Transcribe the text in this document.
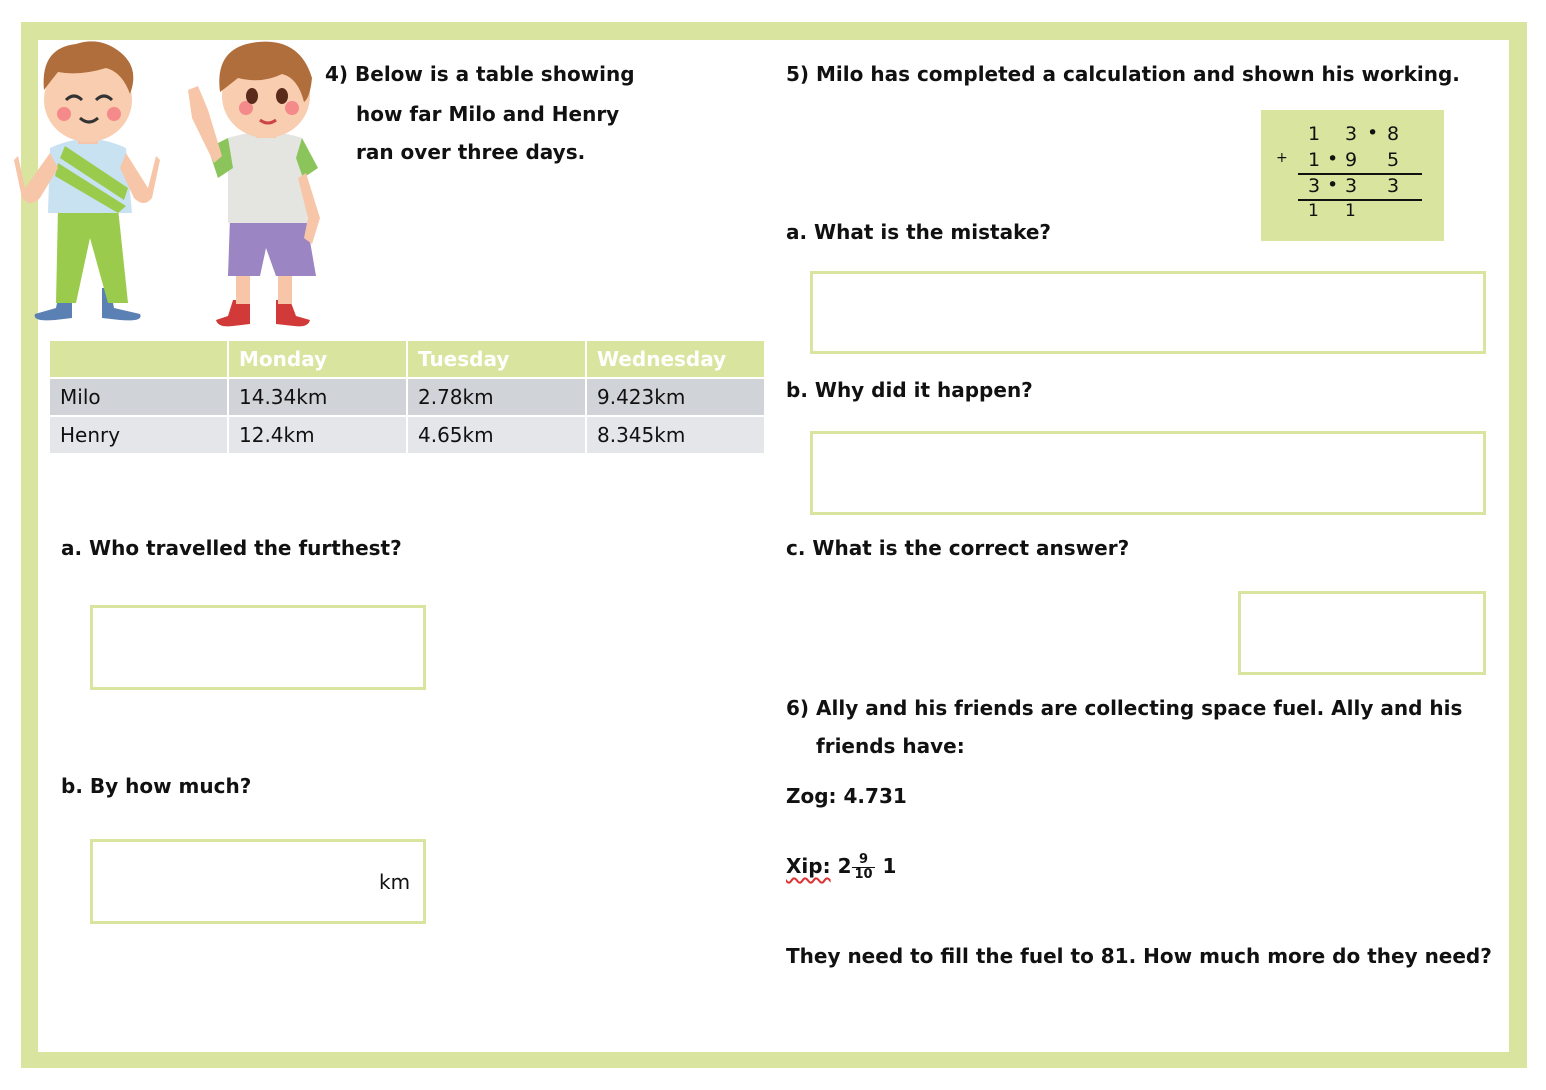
4) Below is a table showing
how far Milo and Henry
ran over three days.
	Monday	Tuesday	Wednesday
Milo	14.34km	2.78km	9.423km
Henry	12.4km	4.65km	8.345km
a. Who travelled the furthest?
b. By how much?
km
5) Milo has completed a calculation and shown his working.
1 3 • 8
+ 1 • 9 5
3 • 3 3
1 1
a. What is the mistake?
b. Why did it happen?
c. What is the correct answer?
6) Ally and his friends are collecting space fuel. Ally and his
friends have:
Zog: 4.731
Xip: $2 \frac{9}{10} 1$
They need to fill the fuel to 81. How much more do they need?
